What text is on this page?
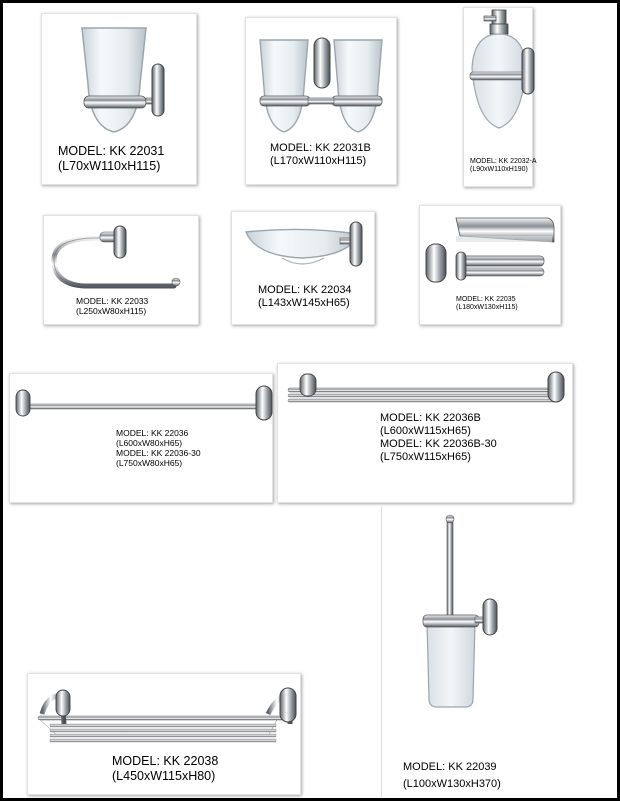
MODEL: KK 22031
(L70xW110xH115)
MODEL: KK 22031B
(L170xW110xH115)	MODEL: KK 22032-A
(L90xW110xH190)
MODEL: KK 22033
(L250xW80xH115)
MODEL: KK 22034
(L143xW145xH65)	MODEL: KK 22035
(L180xW130xH115)
MODEL: KK 22036
(L600xW80xH65)
MODEL: KK 22036-30
(L750xW80xH65)
MODEL: KK 22036B
(L600xW115xH65)
MODEL: KK 22036B-30
(L750xW115xH65)
MODEL: KK 22038
(L450xW115xH80)
MODEL: KK 22039
(L100xW130xH370)
